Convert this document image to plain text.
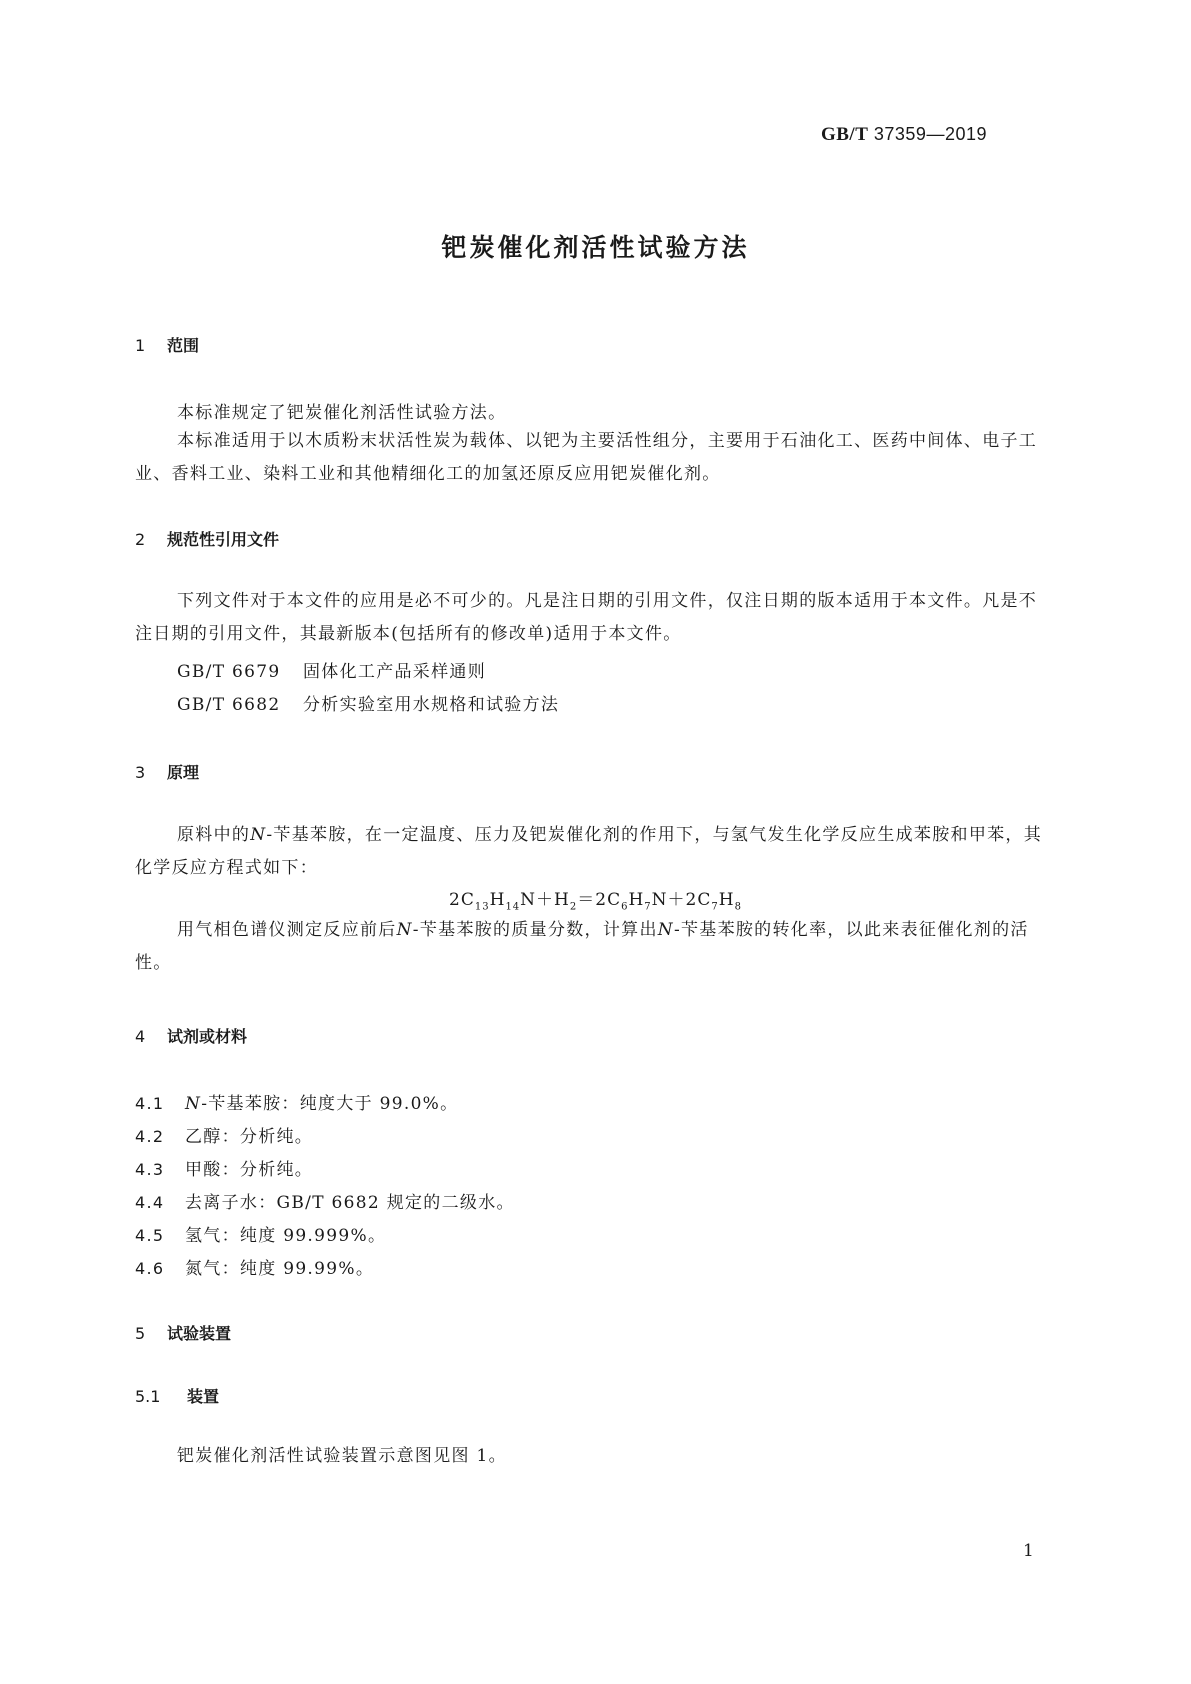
GB/T 37359—2019
钯炭催化剂活性试验方法
1 范围
本标准规定了钯炭催化剂活性试验方法。

本标准适用于以木质粉末状活性炭为载体、以钯为主要活性组分，主要用于石油化工、医药中间体、电子工业、香料工业、染料工业和其他精细化工的加氢还原反应用钯炭催化剂。

2 规范性引用文件

下列文件对于本文件的应用是必不可少的。凡是注日期的引用文件，仅注日期的版本适用于本文件。凡是不注日期的引用文件，其最新版本(包括所有的修改单)适用于本文件。

GB/T 6679 固体化工产品采样通则
GB/T 6682 分析实验室用水规格和试验方法
3 原理

原料中的N-苄基苯胺，在一定温度、压力及钯炭催化剂的作用下，与氢气发生化学反应生成苯胺和甲苯，其化学反应方程式如下：

$2C_{13}H_{14}N+H_2=2C_6H_7N+2C_7H_8$

用气相色谱仪测定反应前后N-苄基苯胺的质量分数，计算出N-苄基苯胺的转化率，以此来表征催化剂的活性。

4 试剂或材料
4.1 N-苄基苯胺：纯度大于 99.0%。
4.2 乙醇：分析纯。
4.3 甲酸：分析纯。
4.4 去离子水：GB/T 6682 规定的二级水。
4.5 氢气：纯度 99.999%。
4.6 氮气：纯度 99.99%。
5 试验装置
5.1 装置
钯炭催化剂活性试验装置示意图见图 1。
1
